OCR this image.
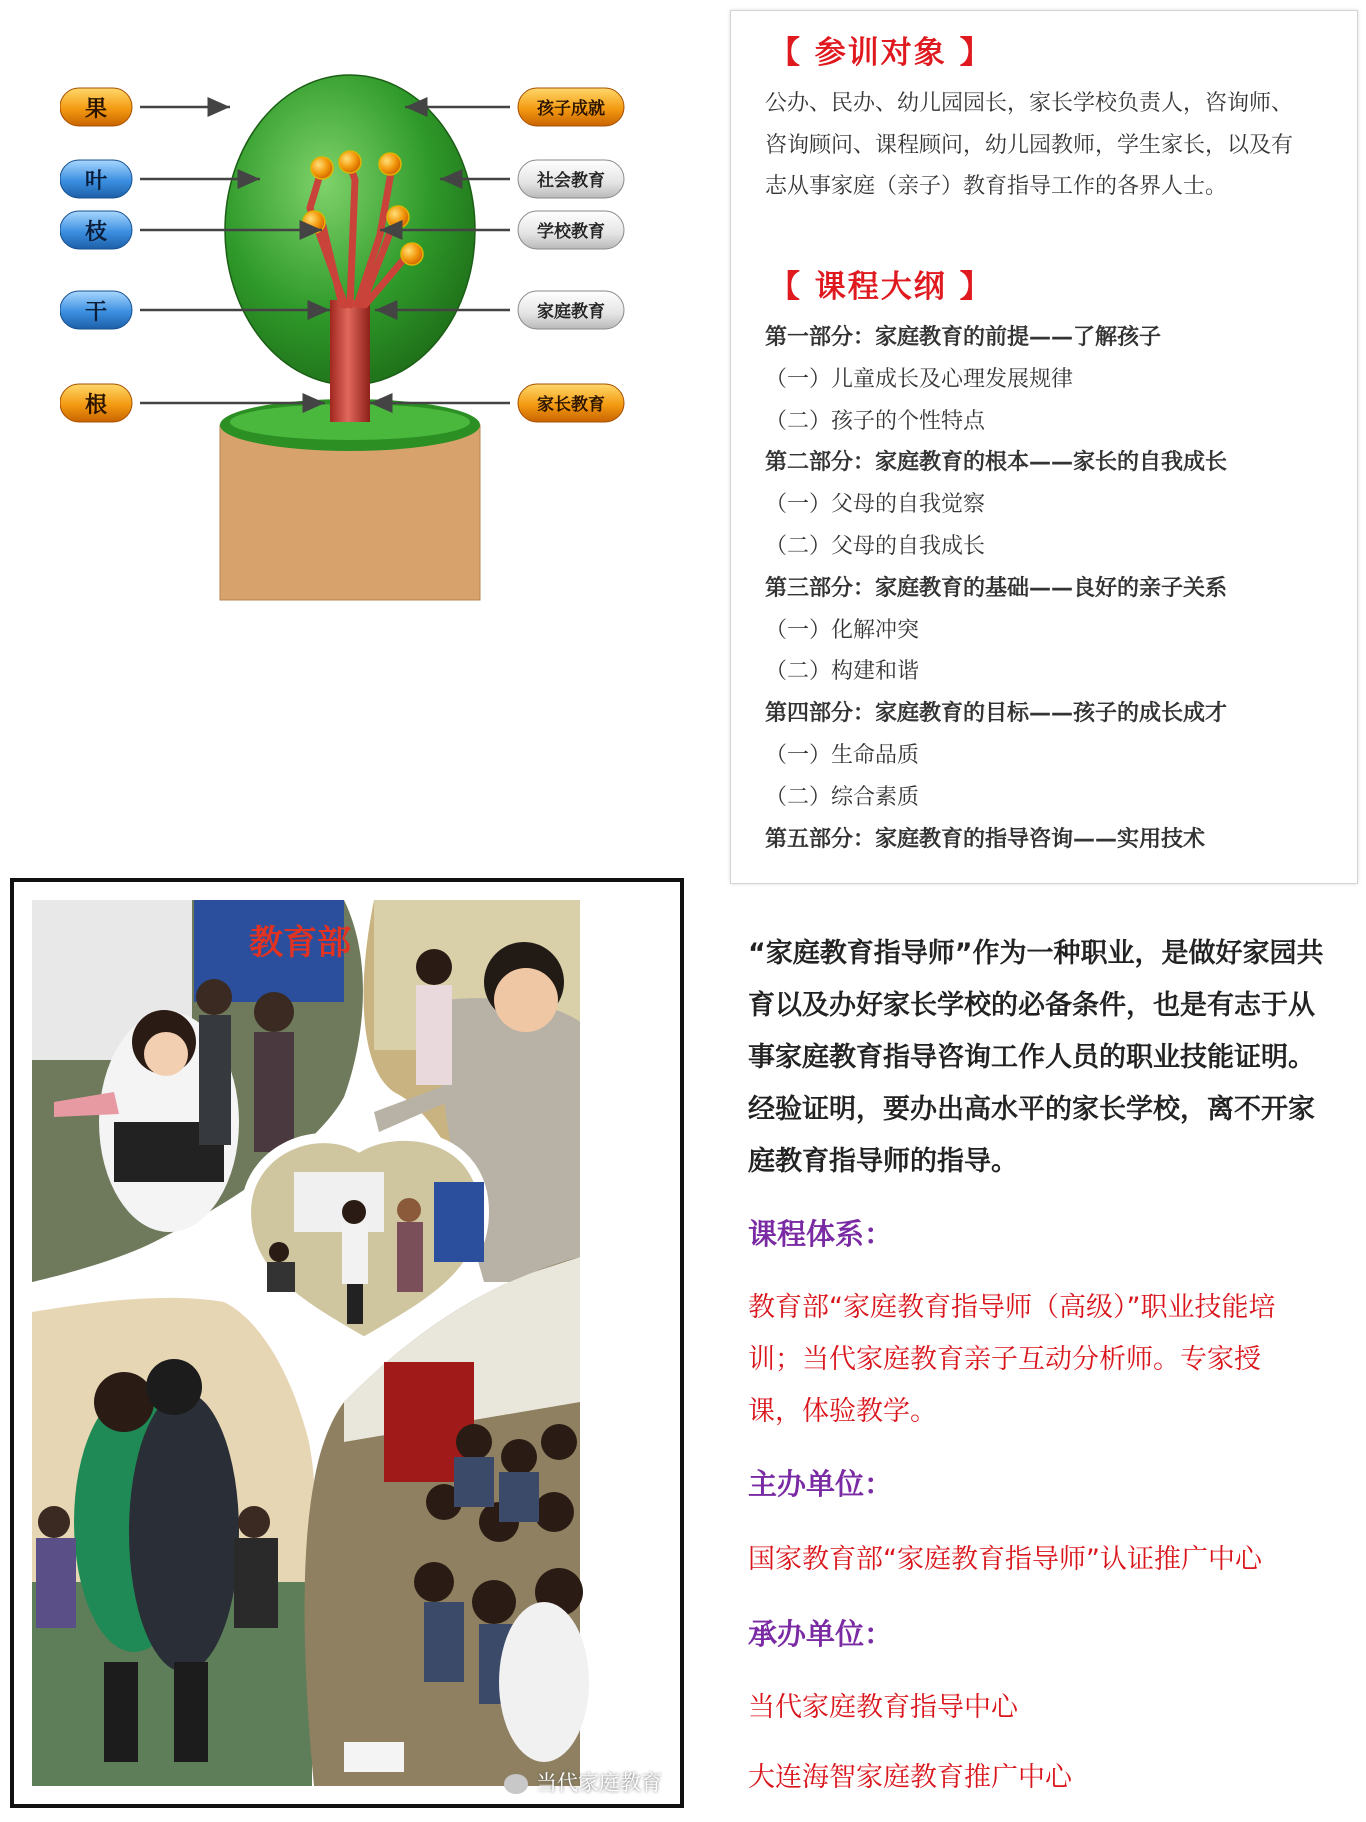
果
叶
枝
干
根
孩子成就
社会教育
学校教育
家庭教育
家长教育
【 参训对象 】
公办、民办、幼儿园园长，家长学校负责人，咨询师、咨询顾问、课程顾问，幼儿园教师，学生家长，以及有志从事家庭（亲子）教育指导工作的各界人士。
【 课程大纲 】
第一部分：家庭教育的前提——了解孩子
（一）儿童成长及心理发展规律
（二）孩子的个性特点
第二部分：家庭教育的根本——家长的自我成长
（一）父母的自我觉察
（二）父母的自我成长
第三部分：家庭教育的基础——良好的亲子关系
（一）化解冲突
（二）构建和谐
第四部分：家庭教育的目标——孩子的成长成才
（一）生命品质
（二）综合素质
第五部分：家庭教育的指导咨询——实用技术
教育部
当代家庭教育
“家庭教育指导师”作为一种职业，是做好家园共育以及办好家长学校的必备条件，也是有志于从事家庭教育指导咨询工作人员的职业技能证明。经验证明，要办出高水平的家长学校，离不开家庭教育指导师的指导。
课程体系：
教育部“家庭教育指导师（高级）”职业技能培训；当代家庭教育亲子互动分析师。专家授课，体验教学。
主办单位：
国家教育部“家庭教育指导师”认证推广中心
承办单位：
当代家庭教育指导中心
大连海智家庭教育推广中心
